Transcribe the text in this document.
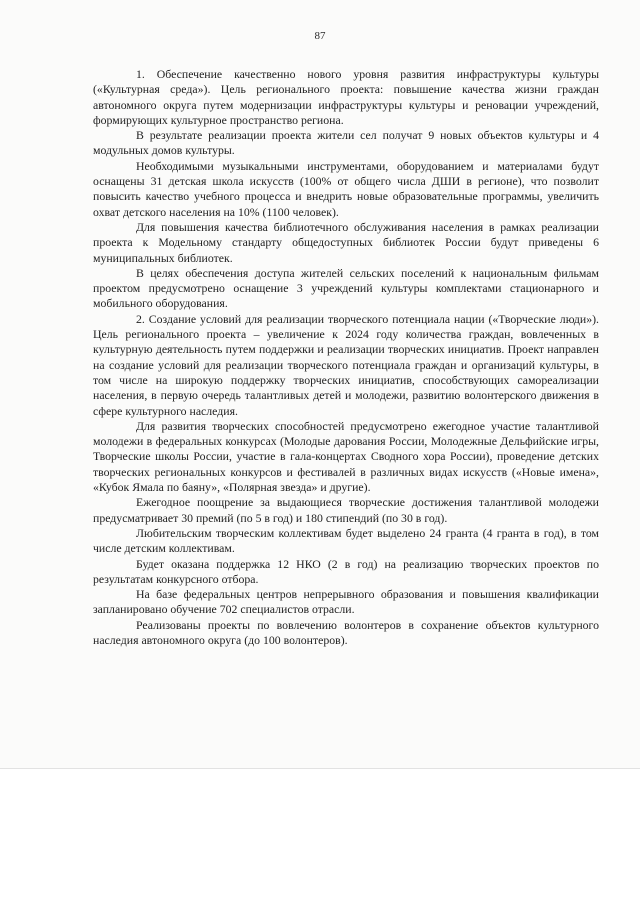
87

1. Обеспечение качественно нового уровня развития инфраструктуры культуры («Культурная среда»). Цель регионального проекта: повышение качества жизни граждан автономного округа путем модернизации инфраструктуры культуры и реновации учреждений, формирующих культурное пространство региона.

В результате реализации проекта жители сел получат 9 новых объектов культуры и 4 модульных домов культуры.

Необходимыми музыкальными инструментами, оборудованием и материалами будут оснащены 31 детская школа искусств (100% от общего числа ДШИ в регионе), что позволит повысить качество учебного процесса и внедрить новые образовательные программы, увеличить охват детского населения на 10% (1100 человек).

Для повышения качества библиотечного обслуживания населения в рамках реализации проекта к Модельному стандарту общедоступных библиотек России будут приведены 6 муниципальных библиотек.

В целях обеспечения доступа жителей сельских поселений к национальным фильмам проектом предусмотрено оснащение 3 учреждений культуры комплектами стационарного и мобильного оборудования.

2. Создание условий для реализации творческого потенциала нации («Творческие люди»). Цель регионального проекта – увеличение к 2024 году количества граждан, вовлеченных в культурную деятельность путем поддержки и реализации творческих инициатив. Проект направлен на создание условий для реализации творческого потенциала граждан и организаций культуры, в том числе на широкую поддержку творческих инициатив, способствующих самореализации населения, в первую очередь талантливых детей и молодежи, развитию волонтерского движения в сфере культурного наследия.

Для развития творческих способностей предусмотрено ежегодное участие талантливой молодежи в федеральных конкурсах (Молодые дарования России, Молодежные Дельфийские игры, Творческие школы России, участие в гала-концертах Сводного хора России), проведение детских творческих региональных конкурсов и фестивалей в различных видах искусств («Новые имена», «Кубок Ямала по баяну», «Полярная звезда» и другие).

Ежегодное поощрение за выдающиеся творческие достижения талантливой молодежи предусматривает 30 премий (по 5 в год) и 180 стипендий (по 30 в год).

Любительским творческим коллективам будет выделено 24 гранта (4 гранта в год), в том числе детским коллективам.

Будет оказана поддержка 12 НКО (2 в год) на реализацию творческих проектов по результатам конкурсного отбора.

На базе федеральных центров непрерывного образования и повышения квалификации запланировано обучение 702 специалистов отрасли.

Реализованы проекты по вовлечению волонтеров в сохранение объектов культурного наследия автономного округа (до 100 волонтеров).
